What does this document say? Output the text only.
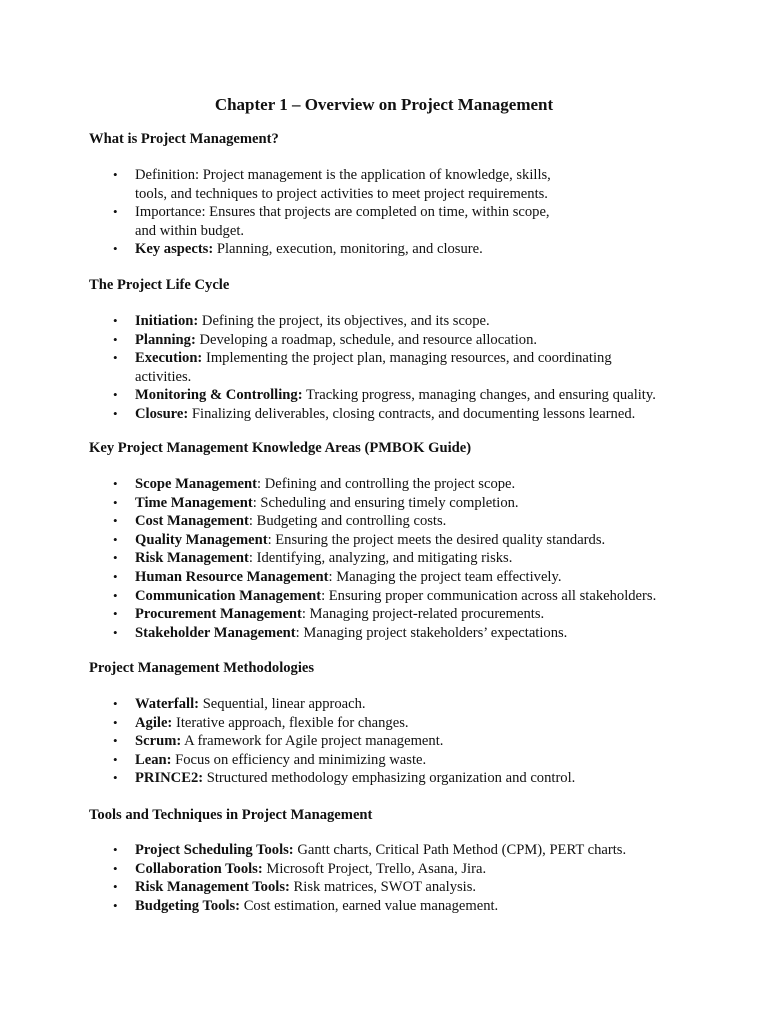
Chapter 1 – Overview on Project Management
What is Project Management?
• Definition: Project management is the application of knowledge, skills, tools, and techniques to project activities to meet project requirements.
• Importance: Ensures that projects are completed on time, within scope, and within budget.
• Key aspects: Planning, execution, monitoring, and closure.
The Project Life Cycle
• Initiation: Defining the project, its objectives, and its scope.
• Planning: Developing a roadmap, schedule, and resource allocation.
• Execution: Implementing the project plan, managing resources, and coordinating activities.
• Monitoring & Controlling: Tracking progress, managing changes, and ensuring quality.
• Closure: Finalizing deliverables, closing contracts, and documenting lessons learned.
Key Project Management Knowledge Areas (PMBOK Guide)
• Scope Management: Defining and controlling the project scope.
• Time Management: Scheduling and ensuring timely completion.
• Cost Management: Budgeting and controlling costs.
• Quality Management: Ensuring the project meets the desired quality standards.
• Risk Management: Identifying, analyzing, and mitigating risks.
• Human Resource Management: Managing the project team effectively.
• Communication Management: Ensuring proper communication across all stakeholders.
• Procurement Management: Managing project-related procurements.
• Stakeholder Management: Managing project stakeholders’ expectations.
Project Management Methodologies
• Waterfall: Sequential, linear approach.
• Agile: Iterative approach, flexible for changes.
• Scrum: A framework for Agile project management.
• Lean: Focus on efficiency and minimizing waste.
• PRINCE2: Structured methodology emphasizing organization and control.
Tools and Techniques in Project Management
• Project Scheduling Tools: Gantt charts, Critical Path Method (CPM), PERT charts.
• Collaboration Tools: Microsoft Project, Trello, Asana, Jira.
• Risk Management Tools: Risk matrices, SWOT analysis.
• Budgeting Tools: Cost estimation, earned value management.
